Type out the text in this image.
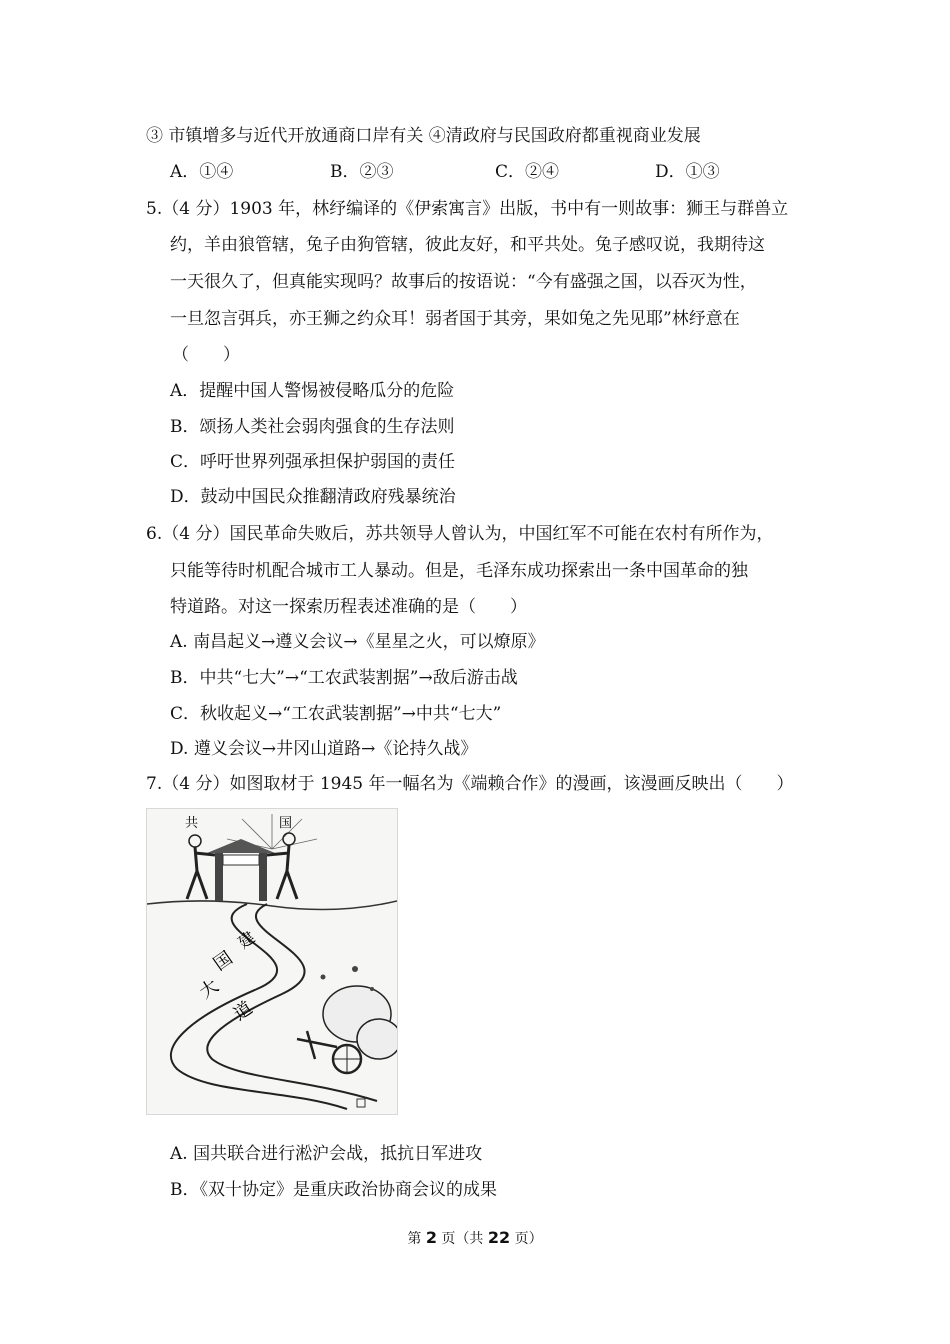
③ 市镇增多与近代开放通商口岸有关 ④清政府与民国政府都重视商业发展
A．①④	B．②③	C．②④	D．①③
5.（4 分）1903 年，林纾编译的《伊索寓言》出版，书中有一则故事：狮王与群兽立
约，羊由狼管辖，兔子由狗管辖，彼此友好，和平共处。兔子感叹说，我期待这
一天很久了，但真能实现吗？故事后的按语说：“今有盛强之国，以吞灭为性，
一旦忽言弭兵，亦王狮之约众耳！弱者国于其旁，果如兔之先见耶”林纾意在
（　　）
A．提醒中国人警惕被侵略瓜分的危险
B．颂扬人类社会弱肉强食的生存法则
C．呼吁世界列强承担保护弱国的责任
D．鼓动中国民众推翻清政府残暴统治
6.（4 分）国民革命失败后，苏共领导人曾认为，中国红军不可能在农村有所作为，
只能等待时机配合城市工人暴动。但是，毛泽东成功探索出一条中国革命的独
特道路。对这一探索历程表述准确的是（　　）
A. 南昌起义→遵义会议→《星星之火，可以燎原》
B．中共“七大”→“工农武装割据”→敌后游击战
C．秋收起义→“工农武装割据”→中共“七大”
D. 遵义会议→井冈山道路→《论持久战》
7.（4 分）如图取材于 1945 年一幅名为《端赖合作》的漫画，该漫画反映出（　　）
共	国
大
国
道
建
A. 国共联合进行淞沪会战，抵抗日军进攻
B．《双十协定》是重庆政治协商会议的成果
第 2 页（共 22 页）
